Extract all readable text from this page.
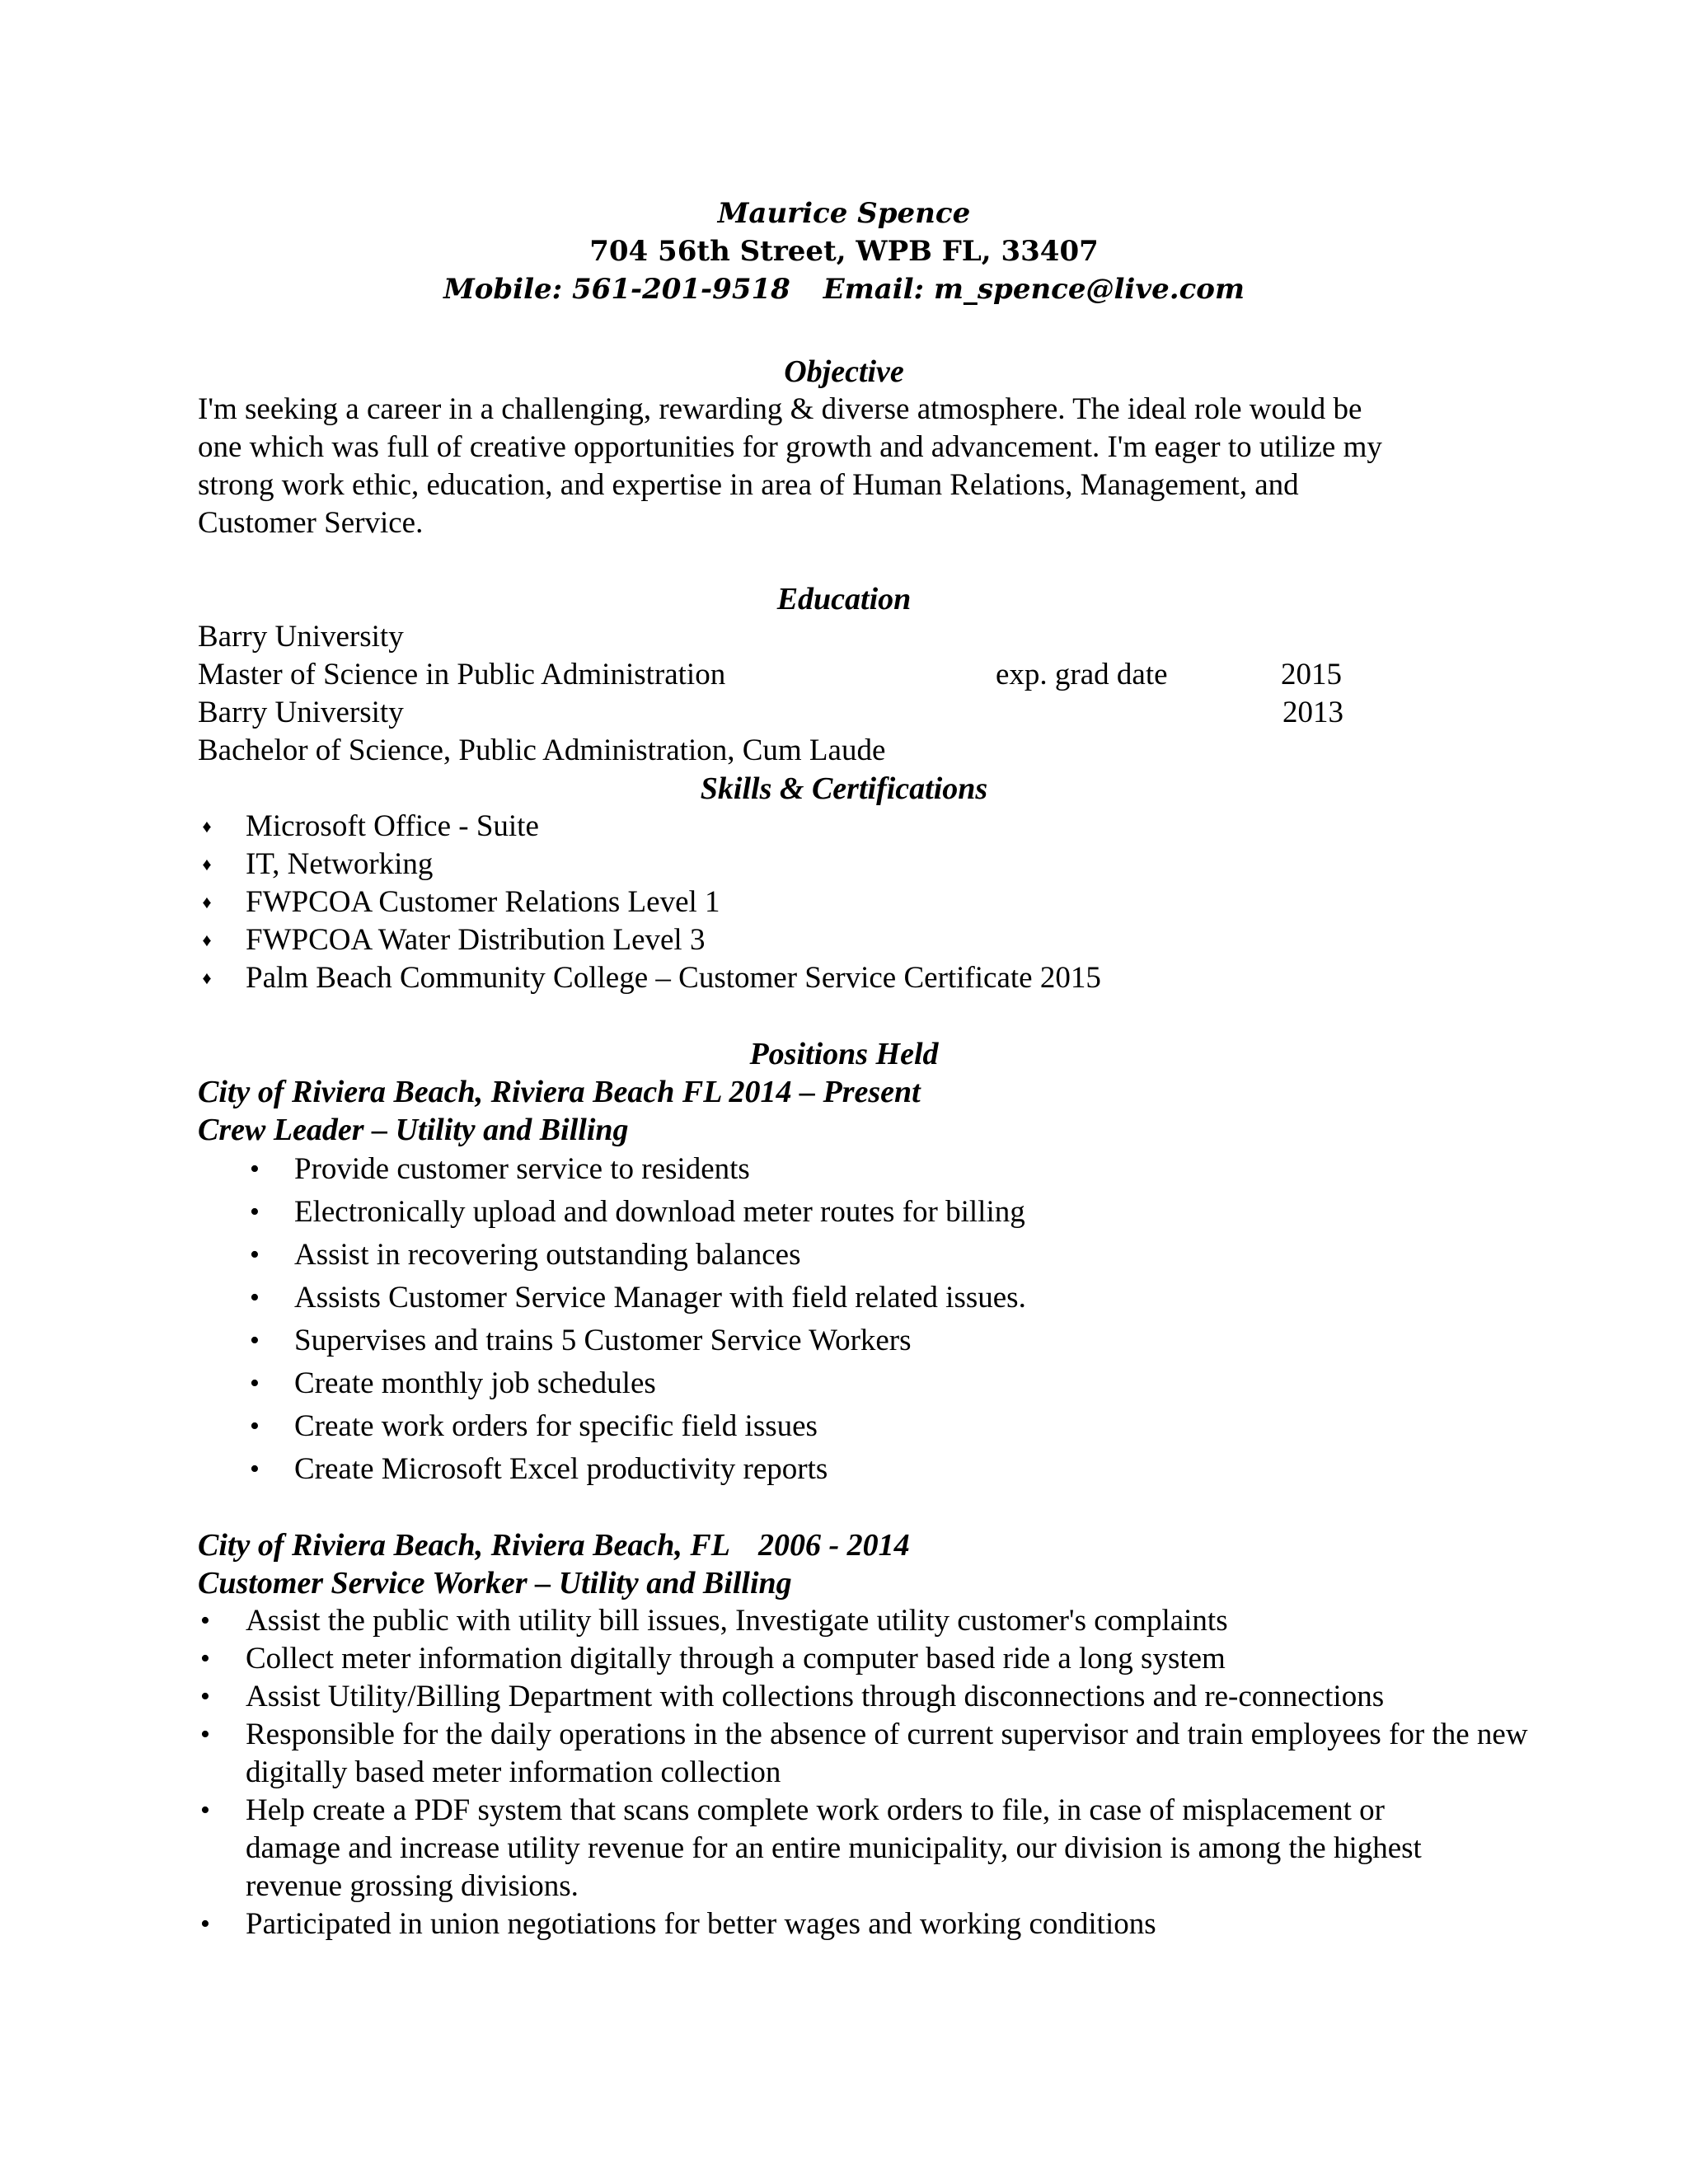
Maurice Spence
704 56th Street, WPB FL, 33407
Mobile: 561-201-9518 Email: m_spence@live.com
Objective
I'm seeking a career in a challenging, rewarding & diverse atmosphere. The ideal role would be
one which was full of creative opportunities for growth and advancement. I'm eager to utilize my
strong work ethic, education, and expertise in area of Human Relations, Management, and
Customer Service.
Education
Barry University
Master of Science in Public Administration	exp. grad date	2015
Barry University	2013
Bachelor of Science, Public Administration, Cum Laude
Skills & Certifications
♦ Microsoft Office - Suite
♦ IT, Networking
♦ FWPCOA Customer Relations Level 1
♦ FWPCOA Water Distribution Level 3
♦ Palm Beach Community College – Customer Service Certificate 2015
Positions Held
City of Riviera Beach, Riviera Beach FL 2014 – Present
Crew Leader – Utility and Billing
• Provide customer service to residents
• Electronically upload and download meter routes for billing
• Assist in recovering outstanding balances
• Assists Customer Service Manager with field related issues.
• Supervises and trains 5 Customer Service Workers
• Create monthly job schedules
• Create work orders for specific field issues
• Create Microsoft Excel productivity reports
City of Riviera Beach, Riviera Beach, FL 2006 - 2014
Customer Service Worker – Utility and Billing
• Assist the public with utility bill issues, Investigate utility customer's complaints
• Collect meter information digitally through a computer based ride a long system
• Assist Utility/Billing Department with collections through disconnections and re-connections
• Responsible for the daily operations in the absence of current supervisor and train employees for the new digitally based meter information collection
• Help create a PDF system that scans complete work orders to file, in case of misplacement or damage and increase utility revenue for an entire municipality, our division is among the highest revenue grossing divisions.
• Participated in union negotiations for better wages and working conditions
